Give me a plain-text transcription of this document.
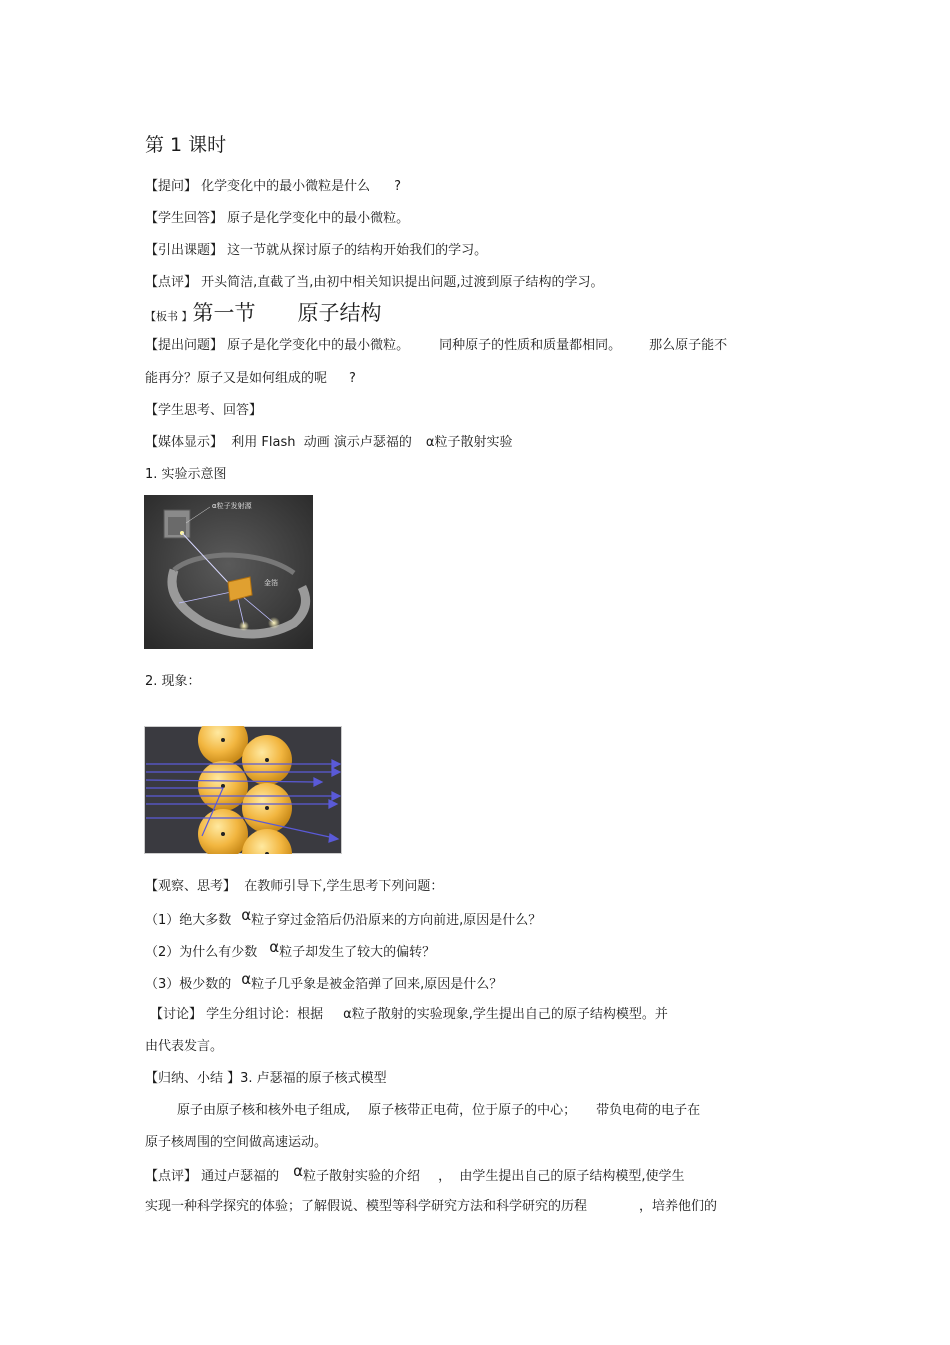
第 1 课时
【提问】 化学变化中的最小微粒是什么 ?
【学生回答】 原子是化学变化中的最小微粒。
【引出课题】 这一节就从探讨原子的结构开始我们的学习。
【点评】 开头简洁,直截了当,由初中相关知识提出问题,过渡到原子结构的学习。
【板书 】第一节 原子结构
【提出问题】 原子是化学变化中的最小微粒。 同种原子的性质和质量都相同。 那么原子能不
能再分？原子又是如何组成的呢 ?
【学生思考、回答】
【媒体显示】  利用 Flash  动画 演示卢瑟福的 α粒子散射实验
1. 实验示意图
α粒子发射源
金箔
2. 现象：
【观察、思考】  在教师引导下,学生思考下列问题：
（1）绝大多数 α粒子穿过金箔后仍沿原来的方向前进,原因是什么？
（2）为什么有少数 α粒子却发生了较大的偏转？
（3）极少数的 α粒子几乎象是被金箔弹了回来,原因是什么？
【讨论】 学生分组讨论：根据 α粒子散射的实验现象,学生提出自己的原子结构模型。并
由代表发言。
【归纳、小结 】3. 卢瑟福的原子核式模型
原子由原子核和核外电子组成, 原子核带正电荷，位于原子的中心； 带负电荷的电子在
原子核周围的空间做高速运动。
【点评】 通过卢瑟福的 α粒子散射实验的介绍 ，  由学生提出自己的原子结构模型,使学生
实现一种科学探究的体验；了解假说、模型等科学研究方法和科学研究的历程	，培养他们的
